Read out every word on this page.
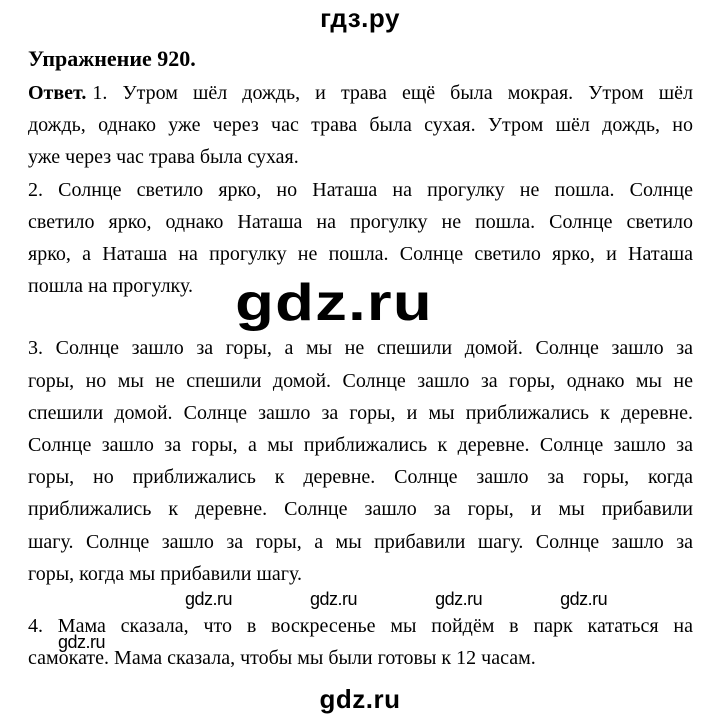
гдз.ру
Упражнение 920.
Ответ. 1. Утром шёл дождь, и трава ещё была мокрая. Утром шёл
дождь, однако уже через час трава была сухая. Утром шёл дождь, но
уже через час трава была сухая.
2. Солнце светило ярко, но Наташа на прогулку не пошла. Солнце
светило ярко, однако Наташа на прогулку не пошла. Солнце светило
ярко, а Наташа на прогулку не пошла. Солнце светило ярко, и Наташа
пошла на прогулку. gdz.ru
3. Солнце зашло за горы, а мы не спешили домой. Солнце зашло за
горы, но мы не спешили домой. Солнце зашло за горы, однако мы не
спешили домой. Солнце зашло за горы, и мы приближались к деревне.
Солнце зашло за горы, а мы приближались к деревне. Солнце зашло за
горы, но приближались к деревне. Солнце зашло за горы, когда
приближались к деревне. Солнце зашло за горы, и мы прибавили
шагу. Солнце зашло за горы, а мы прибавили шагу. Солнце зашло за
горы, когда мы прибавили шагу.
gdz.ru	gdz.ru	gdz.ru	gdz.ru
4. Мама сказала, что в воскресенье мы пойдём в парк кататься на
самокате. Мама сказала, чтобы мы были готовы к 12 часам.
gdz.ru
gdz.ru
